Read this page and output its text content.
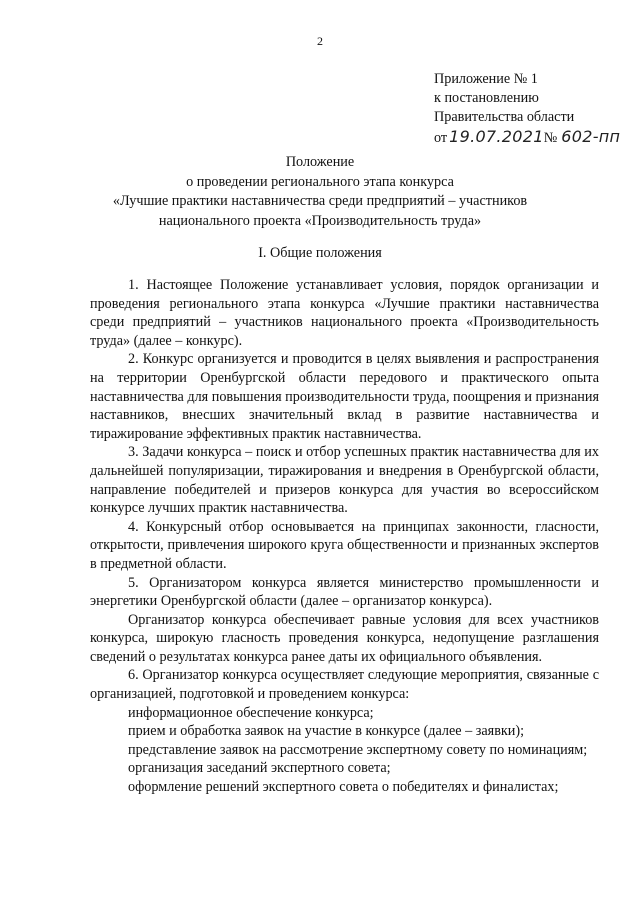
2
Приложение № 1
к постановлению
Правительства области
от 19.07.2021№ 602-пп
Положение
о проведении регионального этапа конкурса
«Лучшие практики наставничества среди предприятий – участников
национального проекта «Производительность труда»
I. Общие положения

1. Настоящее Положение устанавливает условия, порядок организации и проведения регионального этапа конкурса «Лучшие практики наставничества среди предприятий – участников национального проекта «Производительность труда» (далее – конкурс).

2. Конкурс организуется и проводится в целях выявления и распространения на территории Оренбургской области передового и практического опыта наставничества для повышения производительности труда, поощрения и признания наставников, внесших значительный вклад в развитие наставничества и тиражирование эффективных практик наставничества.

3. Задачи конкурса – поиск и отбор успешных практик наставничества для их дальнейшей популяризации, тиражирования и внедрения в Оренбургской области, направление победителей и призеров конкурса для участия во всероссийском конкурсе лучших практик наставничества.

4. Конкурсный отбор основывается на принципах законности, гласности, открытости, привлечения широкого круга общественности и признанных экспертов в предметной области.

5. Организатором конкурса является министерство промышленности и энергетики Оренбургской области (далее – организатор конкурса).

Организатор конкурса обеспечивает равные условия для всех участников конкурса, широкую гласность проведения конкурса, недопущение разглашения сведений о результатах конкурса ранее даты их официального объявления.

6. Организатор конкурса осуществляет следующие мероприятия, связанные с организацией, подготовкой и проведением конкурса:

информационное обеспечение конкурса;

прием и обработка заявок на участие в конкурсе (далее – заявки);

представление заявок на рассмотрение экспертному совету по номинациям;

организация заседаний экспертного совета;

оформление решений экспертного совета о победителях и финалистах;
